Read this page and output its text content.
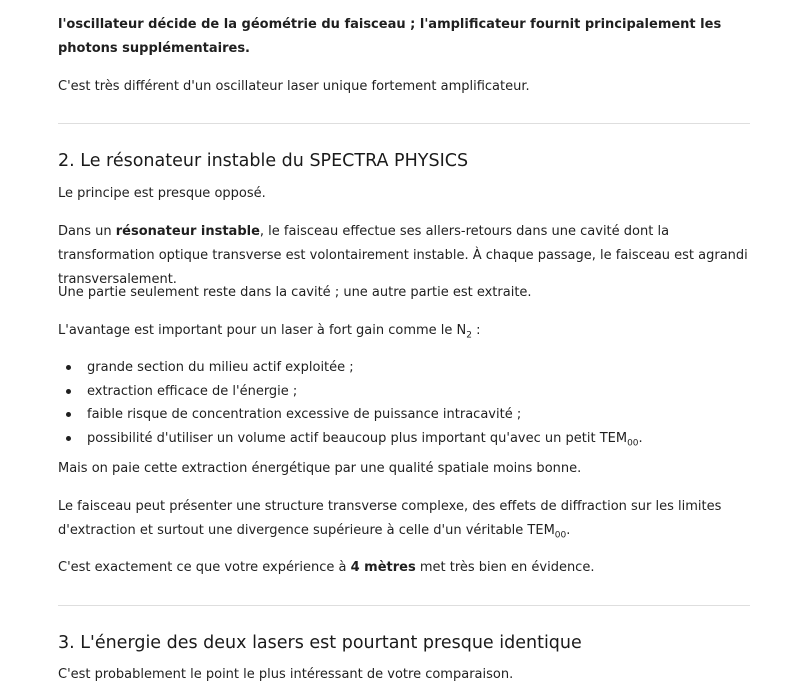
l'oscillateur décide de la géométrie du faisceau ; l'amplificateur fournit principalement les photons supplémentaires.

C'est très différent d'un oscillateur laser unique fortement amplificateur.

2. Le résonateur instable du SPECTRA PHYSICS

Le principe est presque opposé.

Dans un résonateur instable, le faisceau effectue ses allers-retours dans une cavité dont la transformation optique transverse est volontairement instable. À chaque passage, le faisceau est agrandi transversalement.

Une partie seulement reste dans la cavité ; une autre partie est extraite.

L'avantage est important pour un laser à fort gain comme le $N_2$ :

grande section du milieu actif exploitée ;
extraction efficace de l'énergie ;
faible risque de concentration excessive de puissance intracavité ;
possibilité d'utiliser un volume actif beaucoup plus important qu'avec un petit $TEM_{00}$.

Mais on paie cette extraction énergétique par une qualité spatiale moins bonne.

Le faisceau peut présenter une structure transverse complexe, des effets de diffraction sur les limites d'extraction et surtout une divergence supérieure à celle d'un véritable $TEM_{00}$.

C'est exactement ce que votre expérience à 4 mètres met très bien en évidence.

3. L'énergie des deux lasers est pourtant presque identique

C'est probablement le point le plus intéressant de votre comparaison.
